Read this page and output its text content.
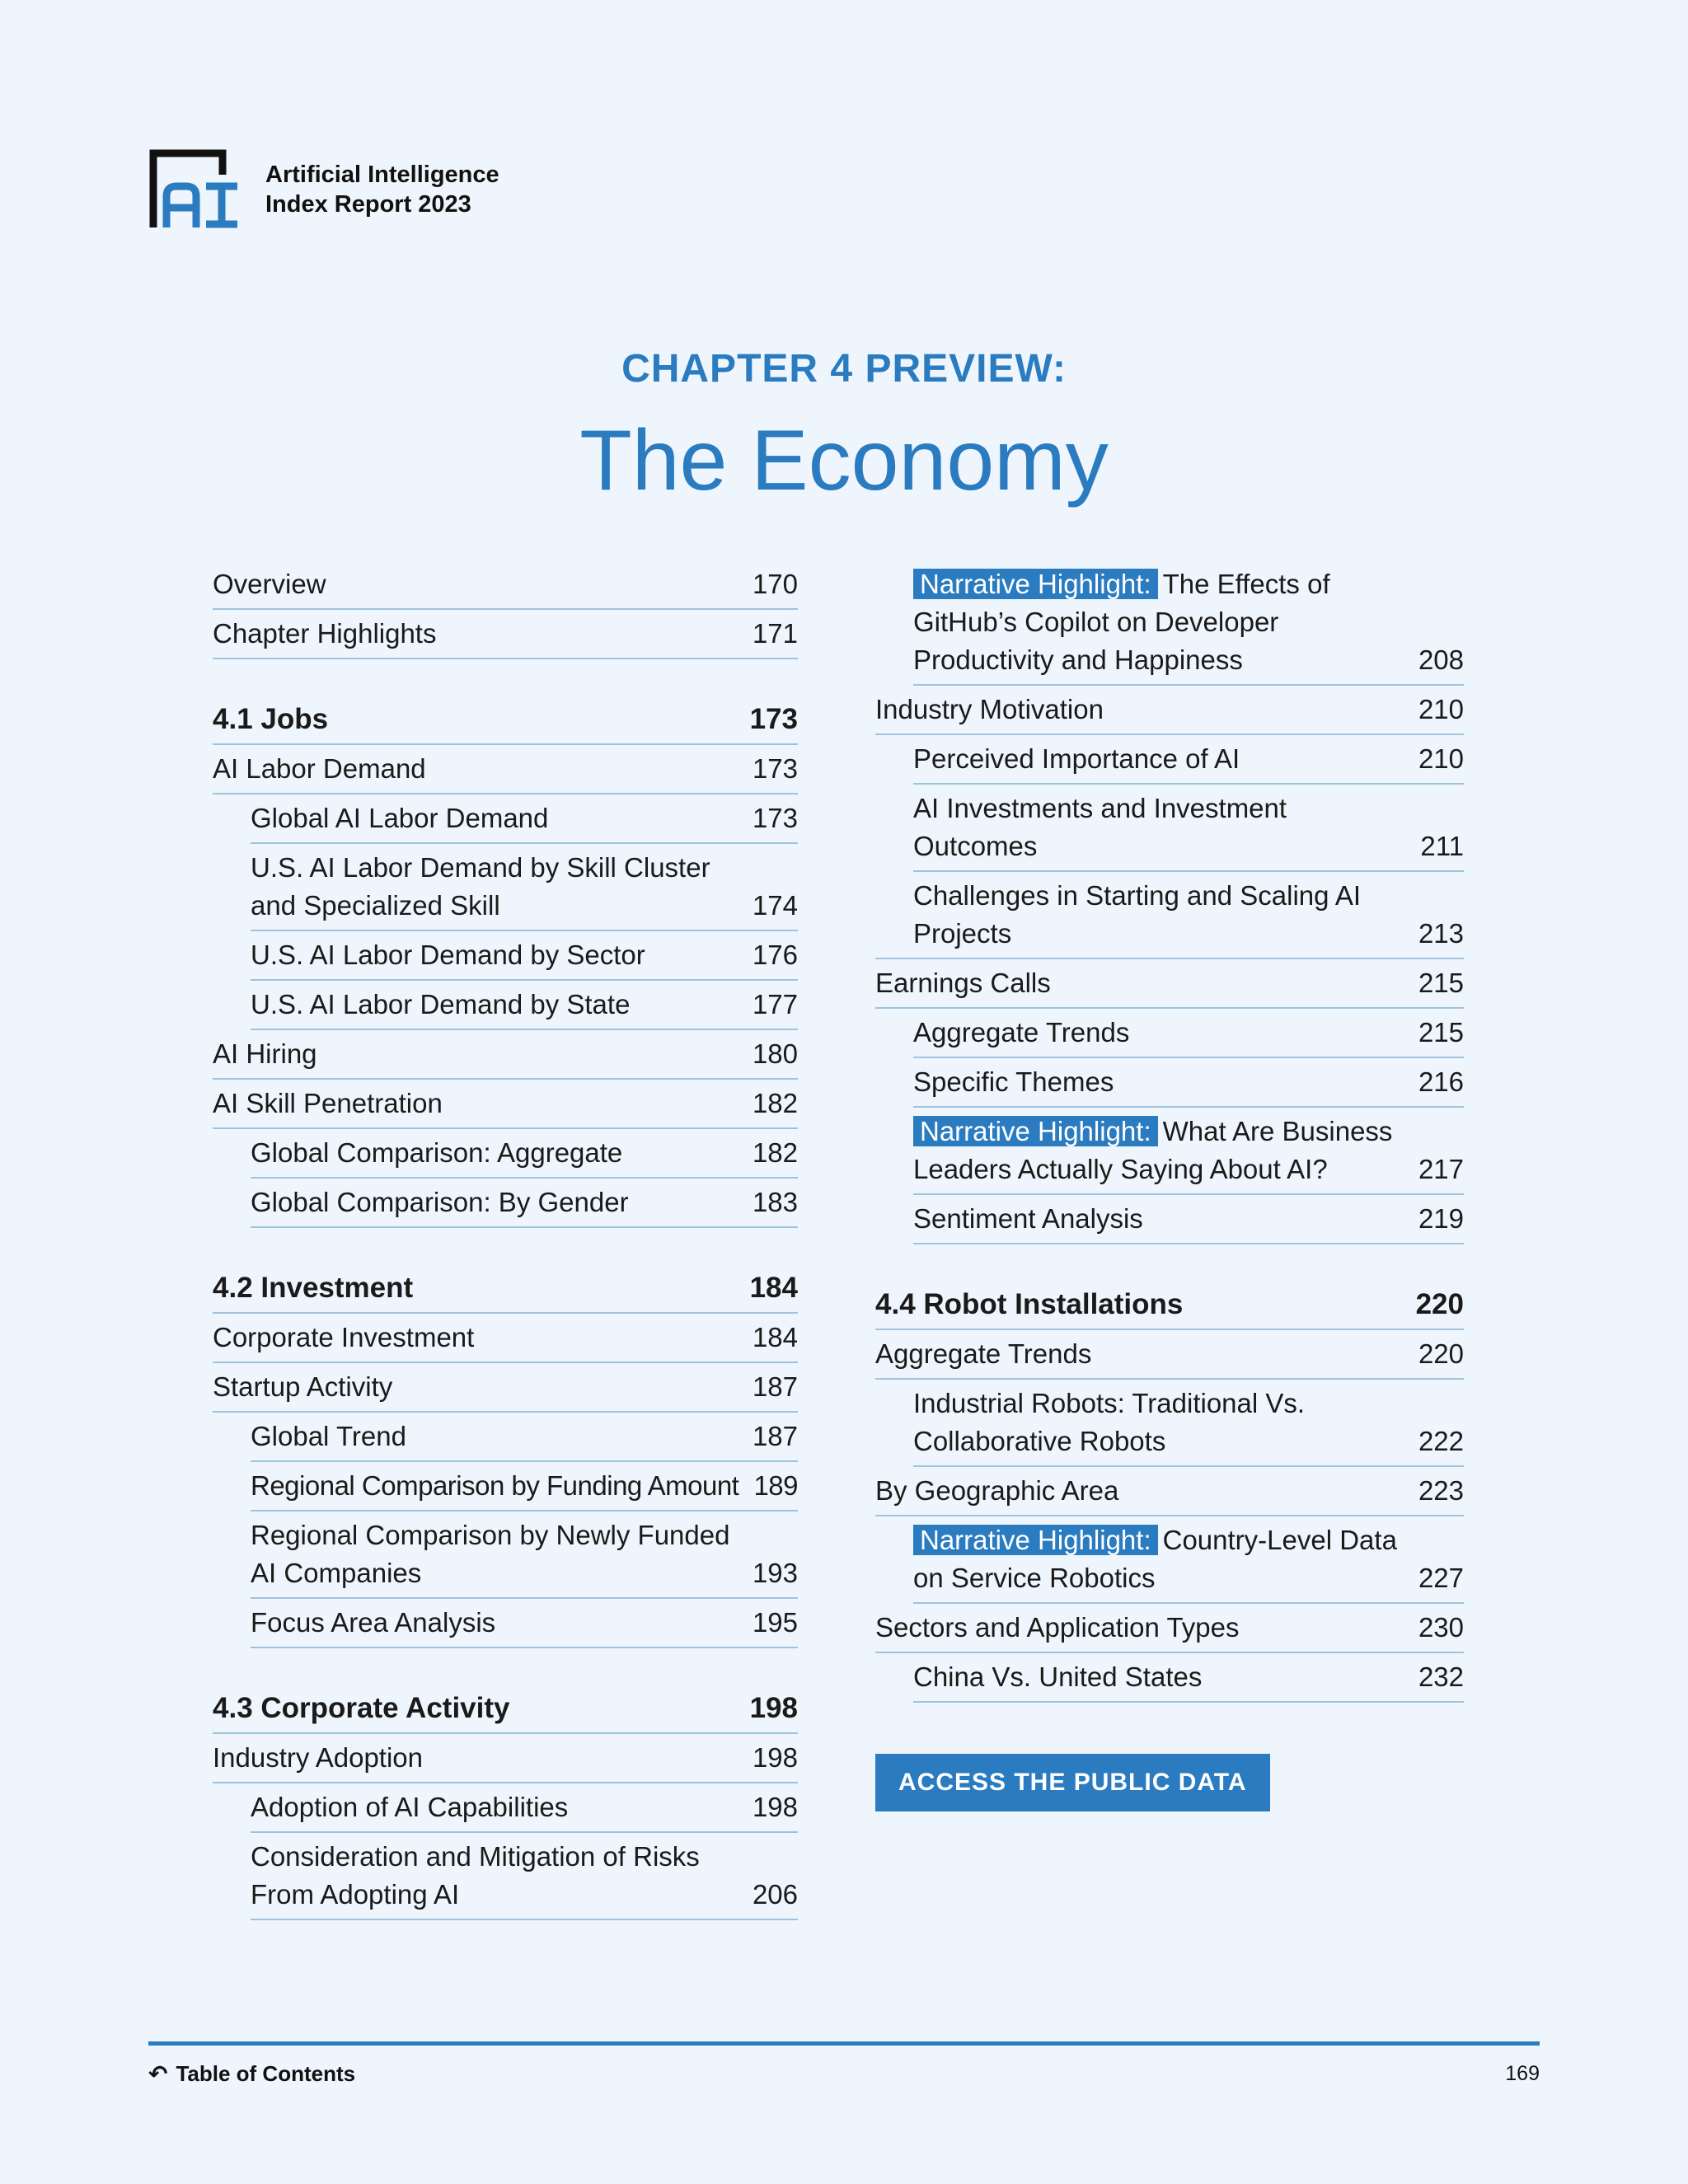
Artificial Intelligence
Index Report 2023
CHAPTER 4 PREVIEW:
The Economy
Overview	170
Chapter Highlights	171
4.1 Jobs	173
AI Labor Demand	173
Global AI Labor Demand	173
U.S. AI Labor Demand by Skill Cluster and Specialized Skill	174
U.S. AI Labor Demand by Sector	176
U.S. AI Labor Demand by State	177
AI Hiring	180
AI Skill Penetration	182
Global Comparison: Aggregate	182
Global Comparison: By Gender	183
4.2 Investment	184
Corporate Investment	184
Startup Activity	187
Global Trend	187
Regional Comparison by Funding Amount 189
Regional Comparison by Newly Funded AI Companies	193
Focus Area Analysis	195
4.3 Corporate Activity	198
Industry Adoption	198
Adoption of AI Capabilities	198
Consideration and Mitigation of Risks From Adopting AI	206
Narrative Highlight: The Effects of GitHub’s Copilot on Developer Productivity and Happiness	208
Industry Motivation	210
Perceived Importance of AI	210
AI Investments and Investment Outcomes	211
Challenges in Starting and Scaling AI Projects	213
Earnings Calls	215
Aggregate Trends	215
Specific Themes	216
Narrative Highlight: What Are Business Leaders Actually Saying About AI?	217
Sentiment Analysis	219
4.4 Robot Installations	220
Aggregate Trends	220
Industrial Robots: Traditional Vs. Collaborative Robots	222
By Geographic Area	223
Narrative Highlight: Country-Level Data on Service Robotics	227
Sectors and Application Types	230
China Vs. United States	232
ACCESS THE PUBLIC DATA
↶ Table of Contents	169
